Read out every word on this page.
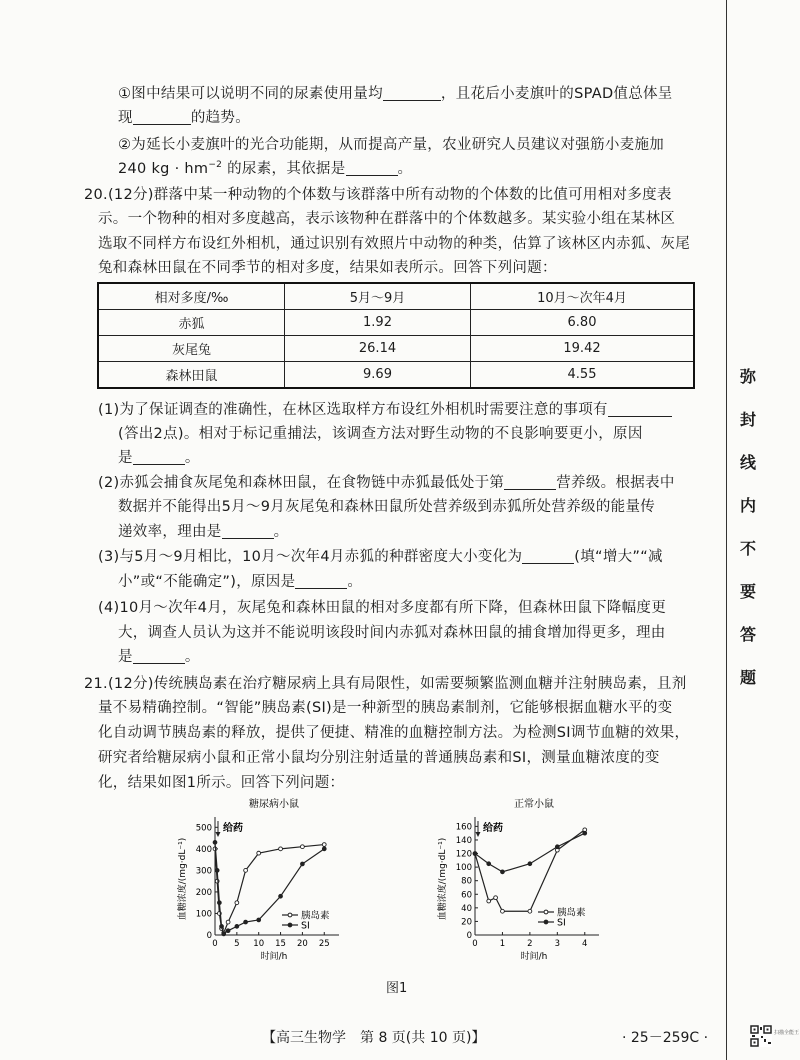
①图中结果可以说明不同的尿素使用量均	，且花后小麦旗叶的SPAD值总体呈
现	的趋势。
②为延长小麦旗叶的光合功能期，从而提高产量，农业研究人员建议对强筋小麦施加
240 kg · $hm^{-2}$ 的尿素，其依据是	。
20.(12分)群落中某一种动物的个体数与该群落中所有动物的个体数的比值可用相对多度表
示。一个物种的相对多度越高，表示该物种在群落中的个体数越多。某实验小组在某林区
选取不同样方布设红外相机，通过识别有效照片中动物的种类，估算了该林区内赤狐、灰尾
兔和森林田鼠在不同季节的相对多度，结果如表所示。回答下列问题：
相对多度/‰	5月～9月	10月～次年4月
赤狐	1.92	6.80
灰尾兔	26.14	19.42
森林田鼠	9.69	4.55
(1)为了保证调查的准确性，在林区选取样方布设红外相机时需要注意的事项有
(答出2点)。相对于标记重捕法，该调查方法对野生动物的不良影响要更小，原因
是	。
(2)赤狐会捕食灰尾兔和森林田鼠，在食物链中赤狐最低处于第	营养级。根据表中
数据并不能得出5月～9月灰尾兔和森林田鼠所处营养级到赤狐所处营养级的能量传
递效率，理由是	。
(3)与5月～9月相比，10月～次年4月赤狐的种群密度大小变化为	(填“增大”“减
小”或“不能确定”)，原因是	。
(4)10月～次年4月，灰尾兔和森林田鼠的相对多度都有所下降，但森林田鼠下降幅度更
大，调查人员认为这并不能说明该段时间内赤狐对森林田鼠的捕食增加得更多，理由
是	。
21.(12分)传统胰岛素在治疗糖尿病上具有局限性，如需要频繁监测血糖并注射胰岛素，且剂
量不易精确控制。“智能”胰岛素(SI)是一种新型的胰岛素制剂，它能够根据血糖水平的变
化自动调节胰岛素的释放，提供了便捷、精准的血糖控制方法。为检测SI调节血糖的效果，
研究者给糖尿病小鼠和正常小鼠均分别注射适量的普通胰岛素和SI，测量血糖浓度的变
化，结果如图1所示。回答下列问题：
糖尿病小鼠
0
100
200
300
400
500
0 5 10 15 20 25
时间/h
血糖浓度/(mg·dL⁻¹)
给药
胰岛素
SI
正常小鼠
0
20
40
60
80
100
120
140
160
0	1	2	3	4
时间/h
血糖浓度/(mg·dL⁻¹)
给药
胰岛素
SI
图1
弥
封
线
内
不
要
答
题
【高三生物学　第 8 页(共 10 页)】	· 25－259C ·	扫描全能王
